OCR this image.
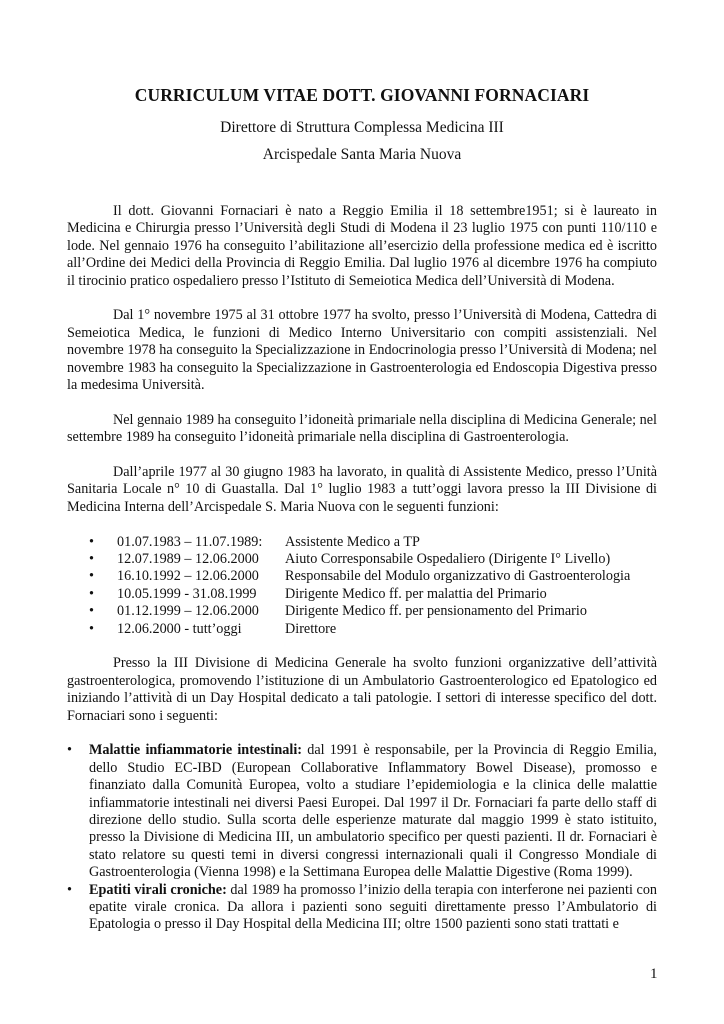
CURRICULUM VITAE DOTT. GIOVANNI FORNACIARI
Direttore di Struttura Complessa Medicina III
Arcispedale Santa Maria Nuova

Il dott. Giovanni Fornaciari è nato a Reggio Emilia il 18 settembre1951; si è laureato in Medicina e Chirurgia presso l’Università degli Studi di Modena il 23 luglio 1975 con punti 110/110 e lode. Nel gennaio 1976 ha conseguito l’abilitazione all’esercizio della professione medica ed è iscritto all’Ordine dei Medici della Provincia di Reggio Emilia. Dal luglio 1976 al dicembre 1976 ha compiuto il tirocinio pratico ospedaliero presso l’Istituto di Semeiotica Medica dell’Università di Modena.

Dal 1° novembre 1975 al 31 ottobre 1977 ha svolto, presso l’Università di Modena, Cattedra di Semeiotica Medica, le funzioni di Medico Interno Universitario con compiti assistenziali. Nel novembre 1978 ha conseguito la Specializzazione in Endocrinologia presso l’Università di Modena; nel novembre 1983 ha conseguito la Specializzazione in Gastroenterologia ed Endoscopia Digestiva presso la medesima Università.

Nel gennaio 1989 ha conseguito l’idoneità primariale nella disciplina di Medicina Generale; nel settembre 1989 ha conseguito l’idoneità primariale nella disciplina di Gastroenterologia.

Dall’aprile 1977 al 30 giugno 1983 ha lavorato, in qualità di Assistente Medico, presso l’Unità Sanitaria Locale n° 10 di Guastalla. Dal 1° luglio 1983 a tutt’oggi lavora presso la III Divisione di Medicina Interna dell’Arcispedale S. Maria Nuova con le seguenti funzioni:

• 01.07.1983 – 11.07.1989: Assistente Medico a TP
• 12.07.1989 – 12.06.2000 Aiuto Corresponsabile Ospedaliero (Dirigente I° Livello)
• 16.10.1992 – 12.06.2000 Responsabile del Modulo organizzativo di Gastroenterologia
• 10.05.1999 - 31.08.1999 Dirigente Medico ff. per malattia del Primario
• 01.12.1999 – 12.06.2000 Dirigente Medico ff. per pensionamento del Primario
• 12.06.2000 - tutt’oggi	Direttore

Presso la III Divisione di Medicina Generale ha svolto funzioni organizzative dell’attività gastroenterologica, promovendo l’istituzione di un Ambulatorio Gastroenterologico ed Epatologico ed iniziando l’attività di un Day Hospital dedicato a tali patologie. I settori di interesse specifico del dott. Fornaciari sono i seguenti:

• Malattie infiammatorie intestinali: dal 1991 è responsabile, per la Provincia di Reggio Emilia, dello Studio EC-IBD (European Collaborative Inflammatory Bowel Disease), promosso e finanziato dalla Comunità Europea, volto a studiare l’epidemiologia e la clinica delle malattie infiammatorie intestinali nei diversi Paesi Europei. Dal 1997 il Dr. Fornaciari fa parte dello staff di direzione dello studio. Sulla scorta delle esperienze maturate dal maggio 1999 è stato istituito, presso la Divisione di Medicina III, un ambulatorio specifico per questi pazienti. Il dr. Fornaciari è stato relatore su questi temi in diversi congressi internazionali quali il Congresso Mondiale di Gastroenterologia (Vienna 1998) e la Settimana Europea delle Malattie Digestive (Roma 1999).
• Epatiti virali croniche: dal 1989 ha promosso l’inizio della terapia con interferone nei pazienti con epatite virale cronica. Da allora i pazienti sono seguiti direttamente presso l’Ambulatorio di Epatologia o presso il Day Hospital della Medicina III; oltre 1500 pazienti sono stati trattati e
1
